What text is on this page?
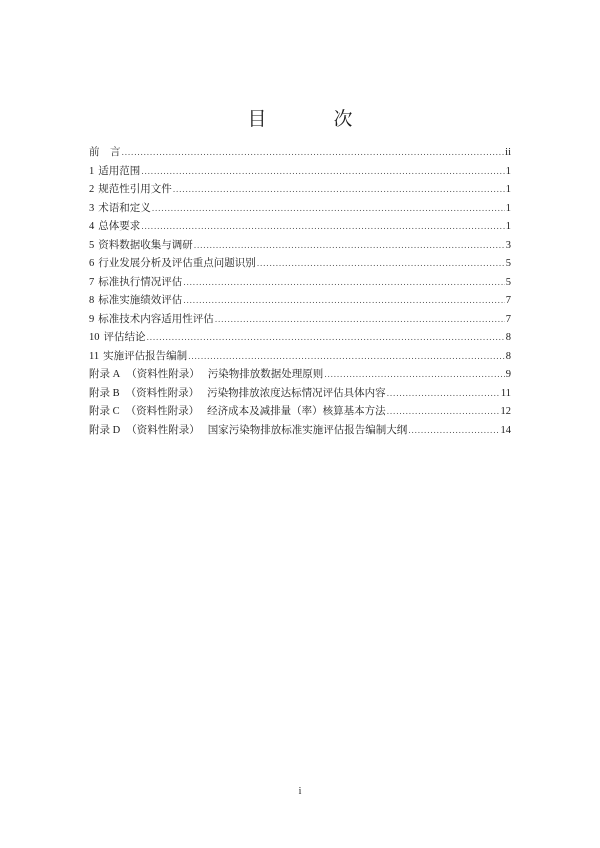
目　次
前　言 .....	ii
1 适用范围 .....	1
2 规范性引用文件 .....	1
3 术语和定义 .....	1
4 总体要求 .....	1
5 资料数据收集与调研 .....	3
6 行业发展分析及评估重点问题识别 .....	5
7 标准执行情况评估 .....	5
8 标准实施绩效评估 .....	7
9 标准技术内容适用性评估 .....	7
10 评估结论 .....	8
11 实施评估报告编制 .....	8
附录 A （资料性附录） 污染物排放数据处理原则 .....	9
附录 B （资料性附录） 污染物排放浓度达标情况评估具体内容 .....	11
附录 C （资料性附录） 经济成本及减排量（率）核算基本方法 .....	12
附录 D （资料性附录） 国家污染物排放标准实施评估报告编制大纲 .....	14
i
